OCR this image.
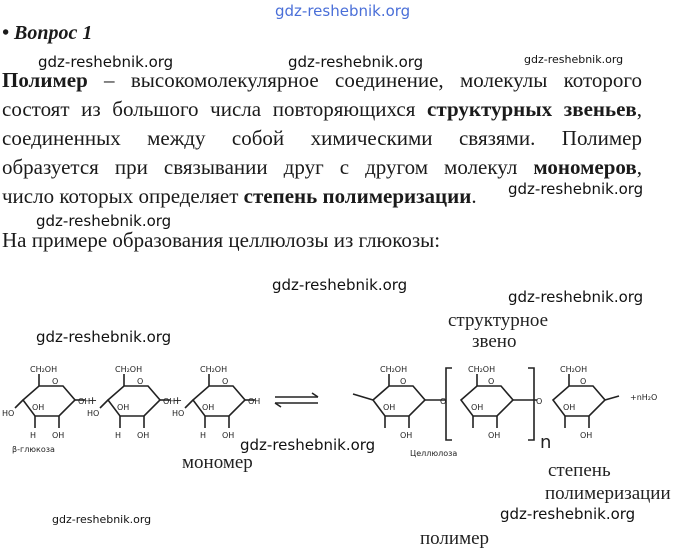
gdz-reshebnik.org
• Вопрос 1
gdz-reshebnik.org	gdz-reshebnik.org	gdz-reshebnik.org
Полимер – высокомолекулярное соединение, молекулы которого
состоят из большого числа повторяющихся структурных звеньев,
соединенных между собой химическими связями. Полимер
образуется при связывании друг с другом молекул мономеров,
число которых определяет степень полимеризации.	gdz-reshebnik.org
gdz-reshebnik.org
На примере образования целлюлозы из глюкозы:
gdz-reshebnik.org
gdz-reshebnik.org
gdz-reshebnik.org
структурное
звено
мономер	степень
полимеризации
полимер
gdz-reshebnik.org
gdz-reshebnik.org	gdz-reshebnik.org
CH₂OH	CH₂OH	CH₂OH
O	O	O
OH	OH	OH
OH	OH	OH
HO	HO	HO
OH	OH	OH
H	H	H
+	+
β-глюкоза
CH₂OH	CH₂OH	CH₂OH
O	O	O
OH	OH	OH
OH	OH	OH
O	O	+nH₂O
n
Целлюлоза
